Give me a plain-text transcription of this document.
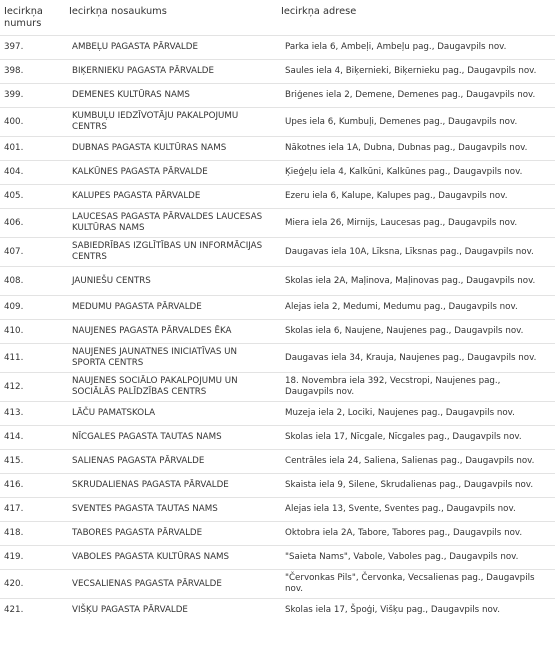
Iecirkņa numurs	Iecirkņa nosaukums	Iecirkņa adrese
397.	AMBEĻU PAGASTA PĀRVALDE	Parka iela 6, Ambeļi, Ambeļu pag., Daugavpils nov.
398.	BIĶERNIEKU PAGASTA PĀRVALDE	Saules iela 4, Biķernieki, Biķernieku pag., Daugavpils nov.
399.	DEMENES KULTŪRAS NAMS	Briģenes iela 2, Demene, Demenes pag., Daugavpils nov.
400.	KUMBUĻU IEDZĪVOTĀJU PAKALPOJUMU CENTRS	Upes iela 6, Kumbuļi, Demenes pag., Daugavpils nov.
401.	DUBNAS PAGASTA KULTŪRAS NAMS	Nākotnes iela 1A, Dubna, Dubnas pag., Daugavpils nov.
404.	KALKŪNES PAGASTA PĀRVALDE	Ķieģeļu iela 4, Kalkūni, Kalkūnes pag., Daugavpils nov.
405.	KALUPES PAGASTA PĀRVALDE	Ezeru iela 6, Kalupe, Kalupes pag., Daugavpils nov.
406.	LAUCESAS PAGASTA PĀRVALDES LAUCESAS KULTŪRAS NAMS	Miera iela 26, Mirnijs, Laucesas pag., Daugavpils nov.
407.	SABIEDRĪBAS IZGLĪTĪBAS UN INFORMĀCIJAS CENTRS	Daugavas iela 10A, Līksna, Līksnas pag., Daugavpils nov.
408.	JAUNIEŠU CENTRS	Skolas iela 2A, Maļinova, Maļinovas pag., Daugavpils nov.
409.	MEDUMU PAGASTA PĀRVALDE	Alejas iela 2, Medumi, Medumu pag., Daugavpils nov.
410.	NAUJENES PAGASTA PĀRVALDES ĒKA	Skolas iela 6, Naujene, Naujenes pag., Daugavpils nov.
411.	NAUJENES JAUNATNES INICIATĪVAS UN SPORTA CENTRS	Daugavas iela 34, Krauja, Naujenes pag., Daugavpils nov.
412.	NAUJENES SOCIĀLO PAKALPOJUMU UN SOCIĀLĀS PALĪDZĪBAS CENTRS	18. Novembra iela 392, Vecstropi, Naujenes pag., Daugavpils nov.
413.	LĀČU PAMATSKOLA	Muzeja iela 2, Lociki, Naujenes pag., Daugavpils nov.
414.	NĪCGALES PAGASTA TAUTAS NAMS	Skolas iela 17, Nīcgale, Nīcgales pag., Daugavpils nov.
415.	SALIENAS PAGASTA PĀRVALDE	Centrāles iela 24, Saliena, Salienas pag., Daugavpils nov.
416.	SKRUDALIENAS PAGASTA PĀRVALDE	Skaista iela 9, Silene, Skrudalienas pag., Daugavpils nov.
417.	SVENTES PAGASTA TAUTAS NAMS	Alejas iela 13, Svente, Sventes pag., Daugavpils nov.
418.	TABORES PAGASTA PĀRVALDE	Oktobra iela 2A, Tabore, Tabores pag., Daugavpils nov.
419.	VABOLES PAGASTA KULTŪRAS NAMS	"Saieta Nams", Vabole, Vaboles pag., Daugavpils nov.
420.	VECSALIENAS PAGASTA PĀRVALDE	"Červonkas Pils", Červonka, Vecsalienas pag., Daugavpils nov.
421.	VIŠĶU PAGASTA PĀRVALDE	Skolas iela 17, Špoģi, Višķu pag., Daugavpils nov.
